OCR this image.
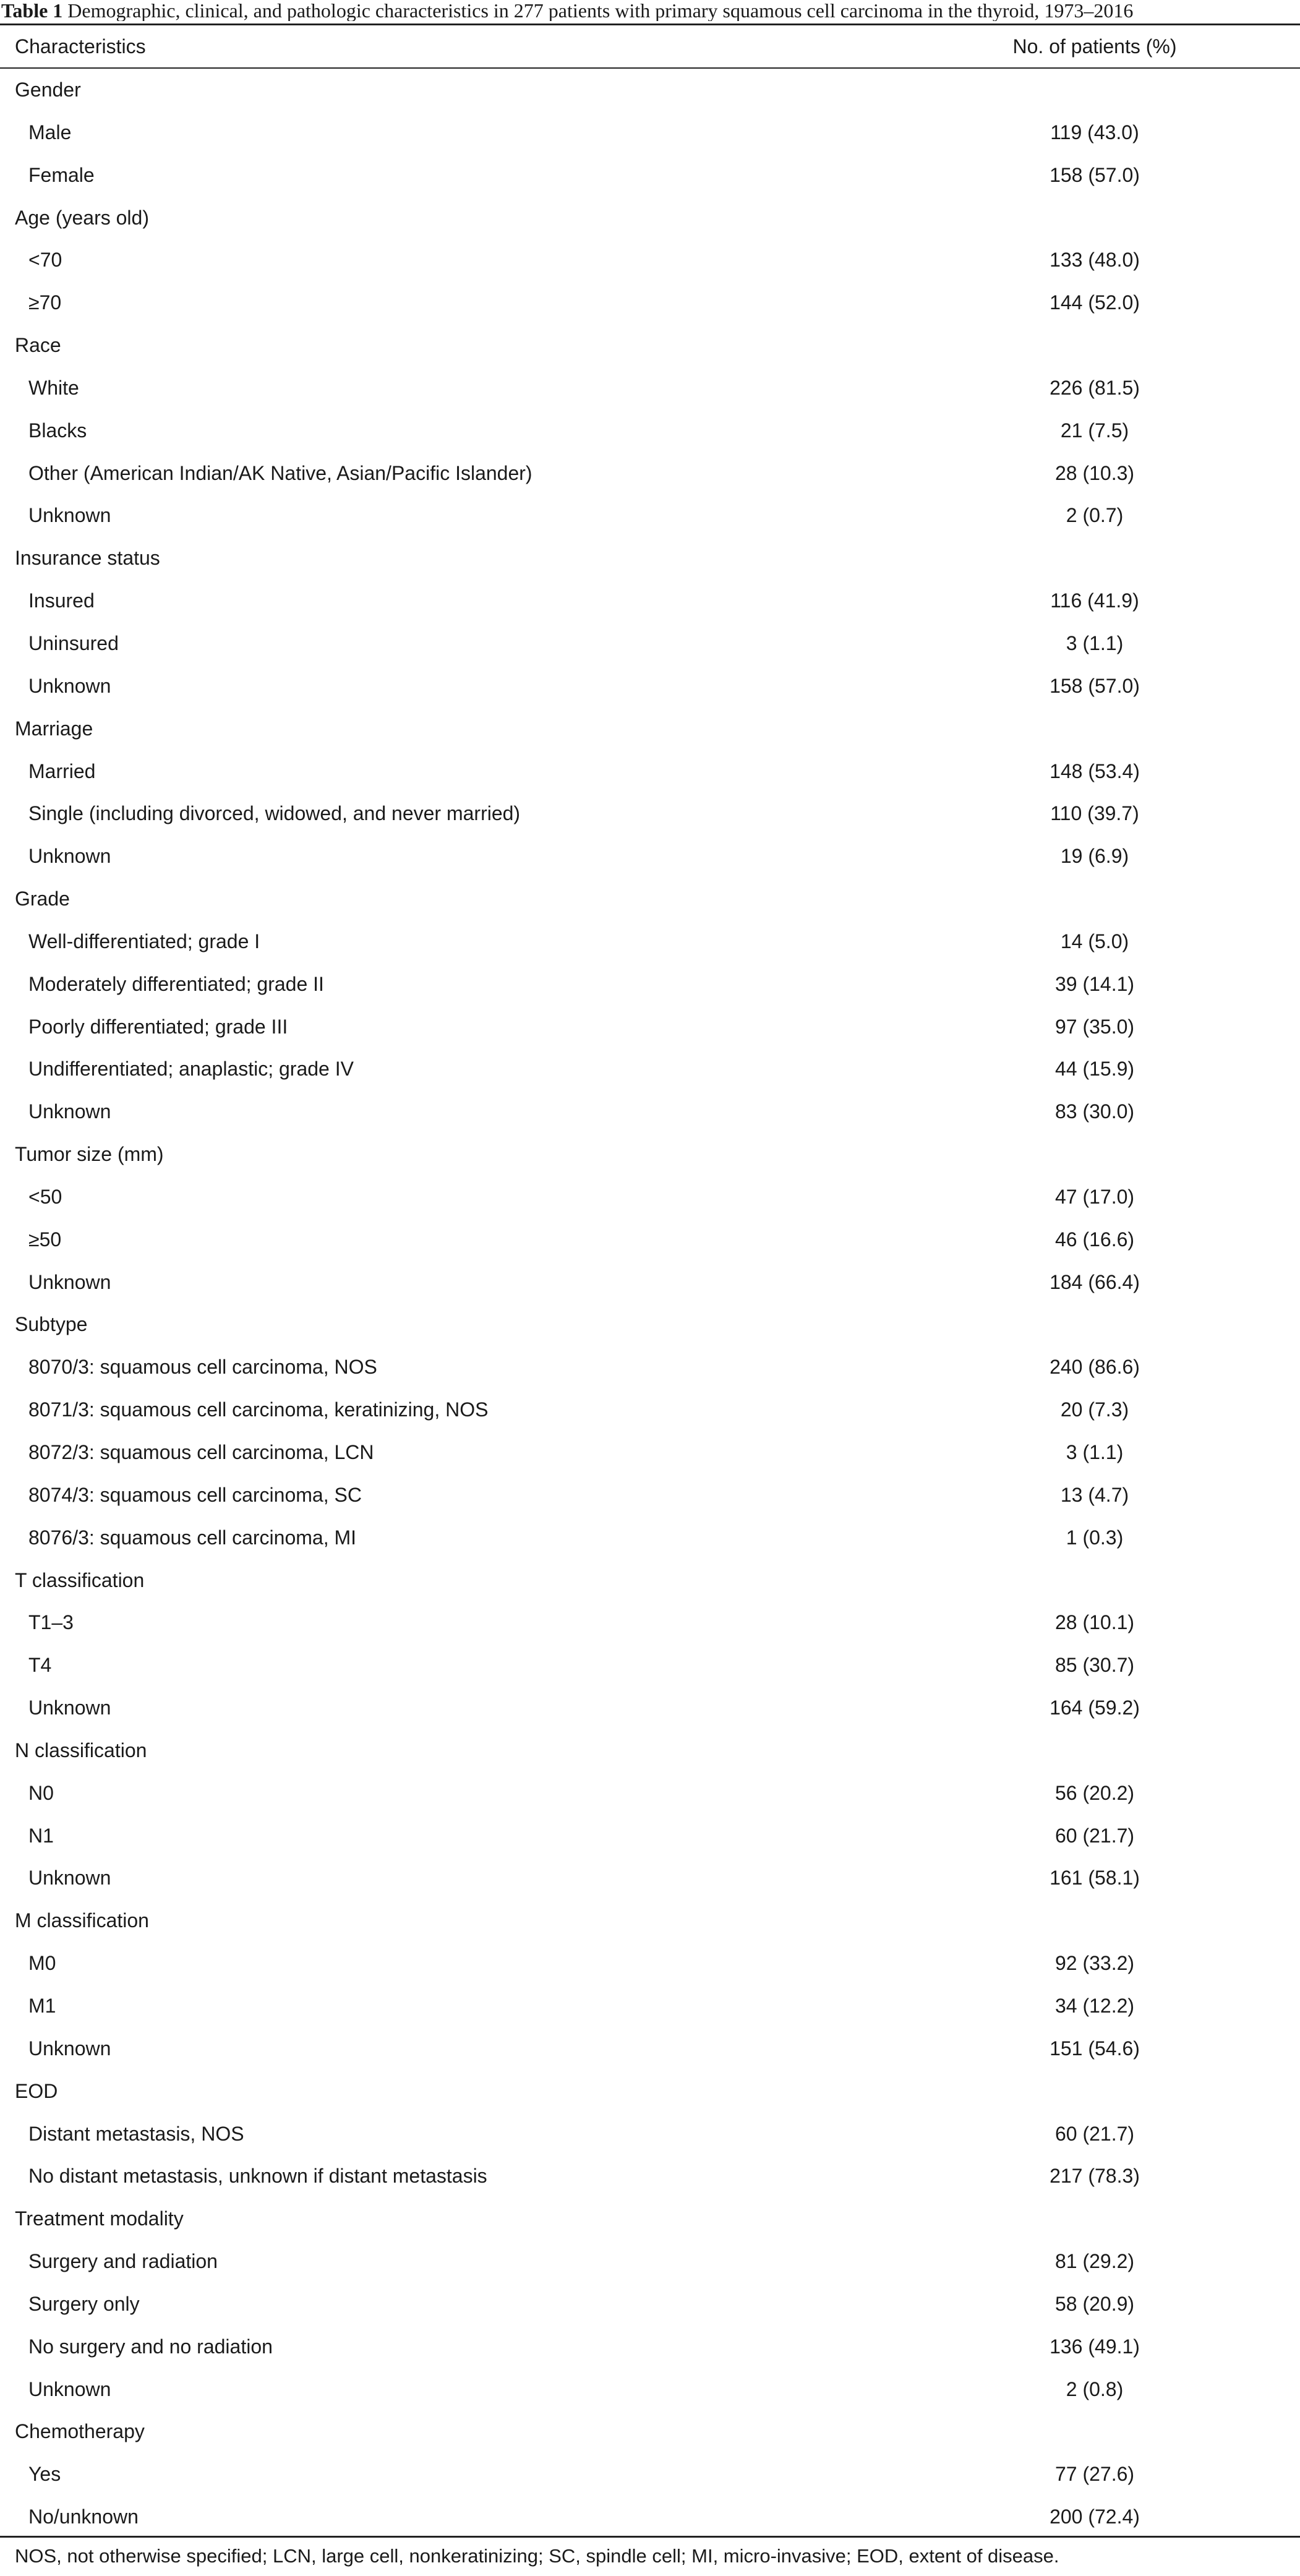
Table 1 Demographic, clinical, and pathologic characteristics in 277 patients with primary squamous cell carcinoma in the thyroid, 1973–2016
Characteristics	No. of patients (%)
Gender
Male	119 (43.0)
Female	158 (57.0)
Age (years old)
<70	133 (48.0)
≥70	144 (52.0)
Race
White	226 (81.5)
Blacks	21 (7.5)
Other (American Indian/AK Native, Asian/Pacific Islander)	28 (10.3)
Unknown	2 (0.7)
Insurance status
Insured	116 (41.9)
Uninsured	3 (1.1)
Unknown	158 (57.0)
Marriage
Married	148 (53.4)
Single (including divorced, widowed, and never married)	110 (39.7)
Unknown	19 (6.9)
Grade
Well-differentiated; grade I	14 (5.0)
Moderately differentiated; grade II	39 (14.1)
Poorly differentiated; grade III	97 (35.0)
Undifferentiated; anaplastic; grade IV	44 (15.9)
Unknown	83 (30.0)
Tumor size (mm)
<50	47 (17.0)
≥50	46 (16.6)
Unknown	184 (66.4)
Subtype
8070/3: squamous cell carcinoma, NOS	240 (86.6)
8071/3: squamous cell carcinoma, keratinizing, NOS	20 (7.3)
8072/3: squamous cell carcinoma, LCN	3 (1.1)
8074/3: squamous cell carcinoma, SC	13 (4.7)
8076/3: squamous cell carcinoma, MI	1 (0.3)
T classification
T1–3	28 (10.1)
T4	85 (30.7)
Unknown	164 (59.2)
N classification
N0	56 (20.2)
N1	60 (21.7)
Unknown	161 (58.1)
M classification
M0	92 (33.2)
M1	34 (12.2)
Unknown	151 (54.6)
EOD
Distant metastasis, NOS	60 (21.7)
No distant metastasis, unknown if distant metastasis	217 (78.3)
Treatment modality
Surgery and radiation	81 (29.2)
Surgery only	58 (20.9)
No surgery and no radiation	136 (49.1)
Unknown	2 (0.8)
Chemotherapy
Yes	77 (27.6)
No/unknown	200 (72.4)
NOS, not otherwise specified; LCN, large cell, nonkeratinizing; SC, spindle cell; MI, micro-invasive; EOD, extent of disease.
